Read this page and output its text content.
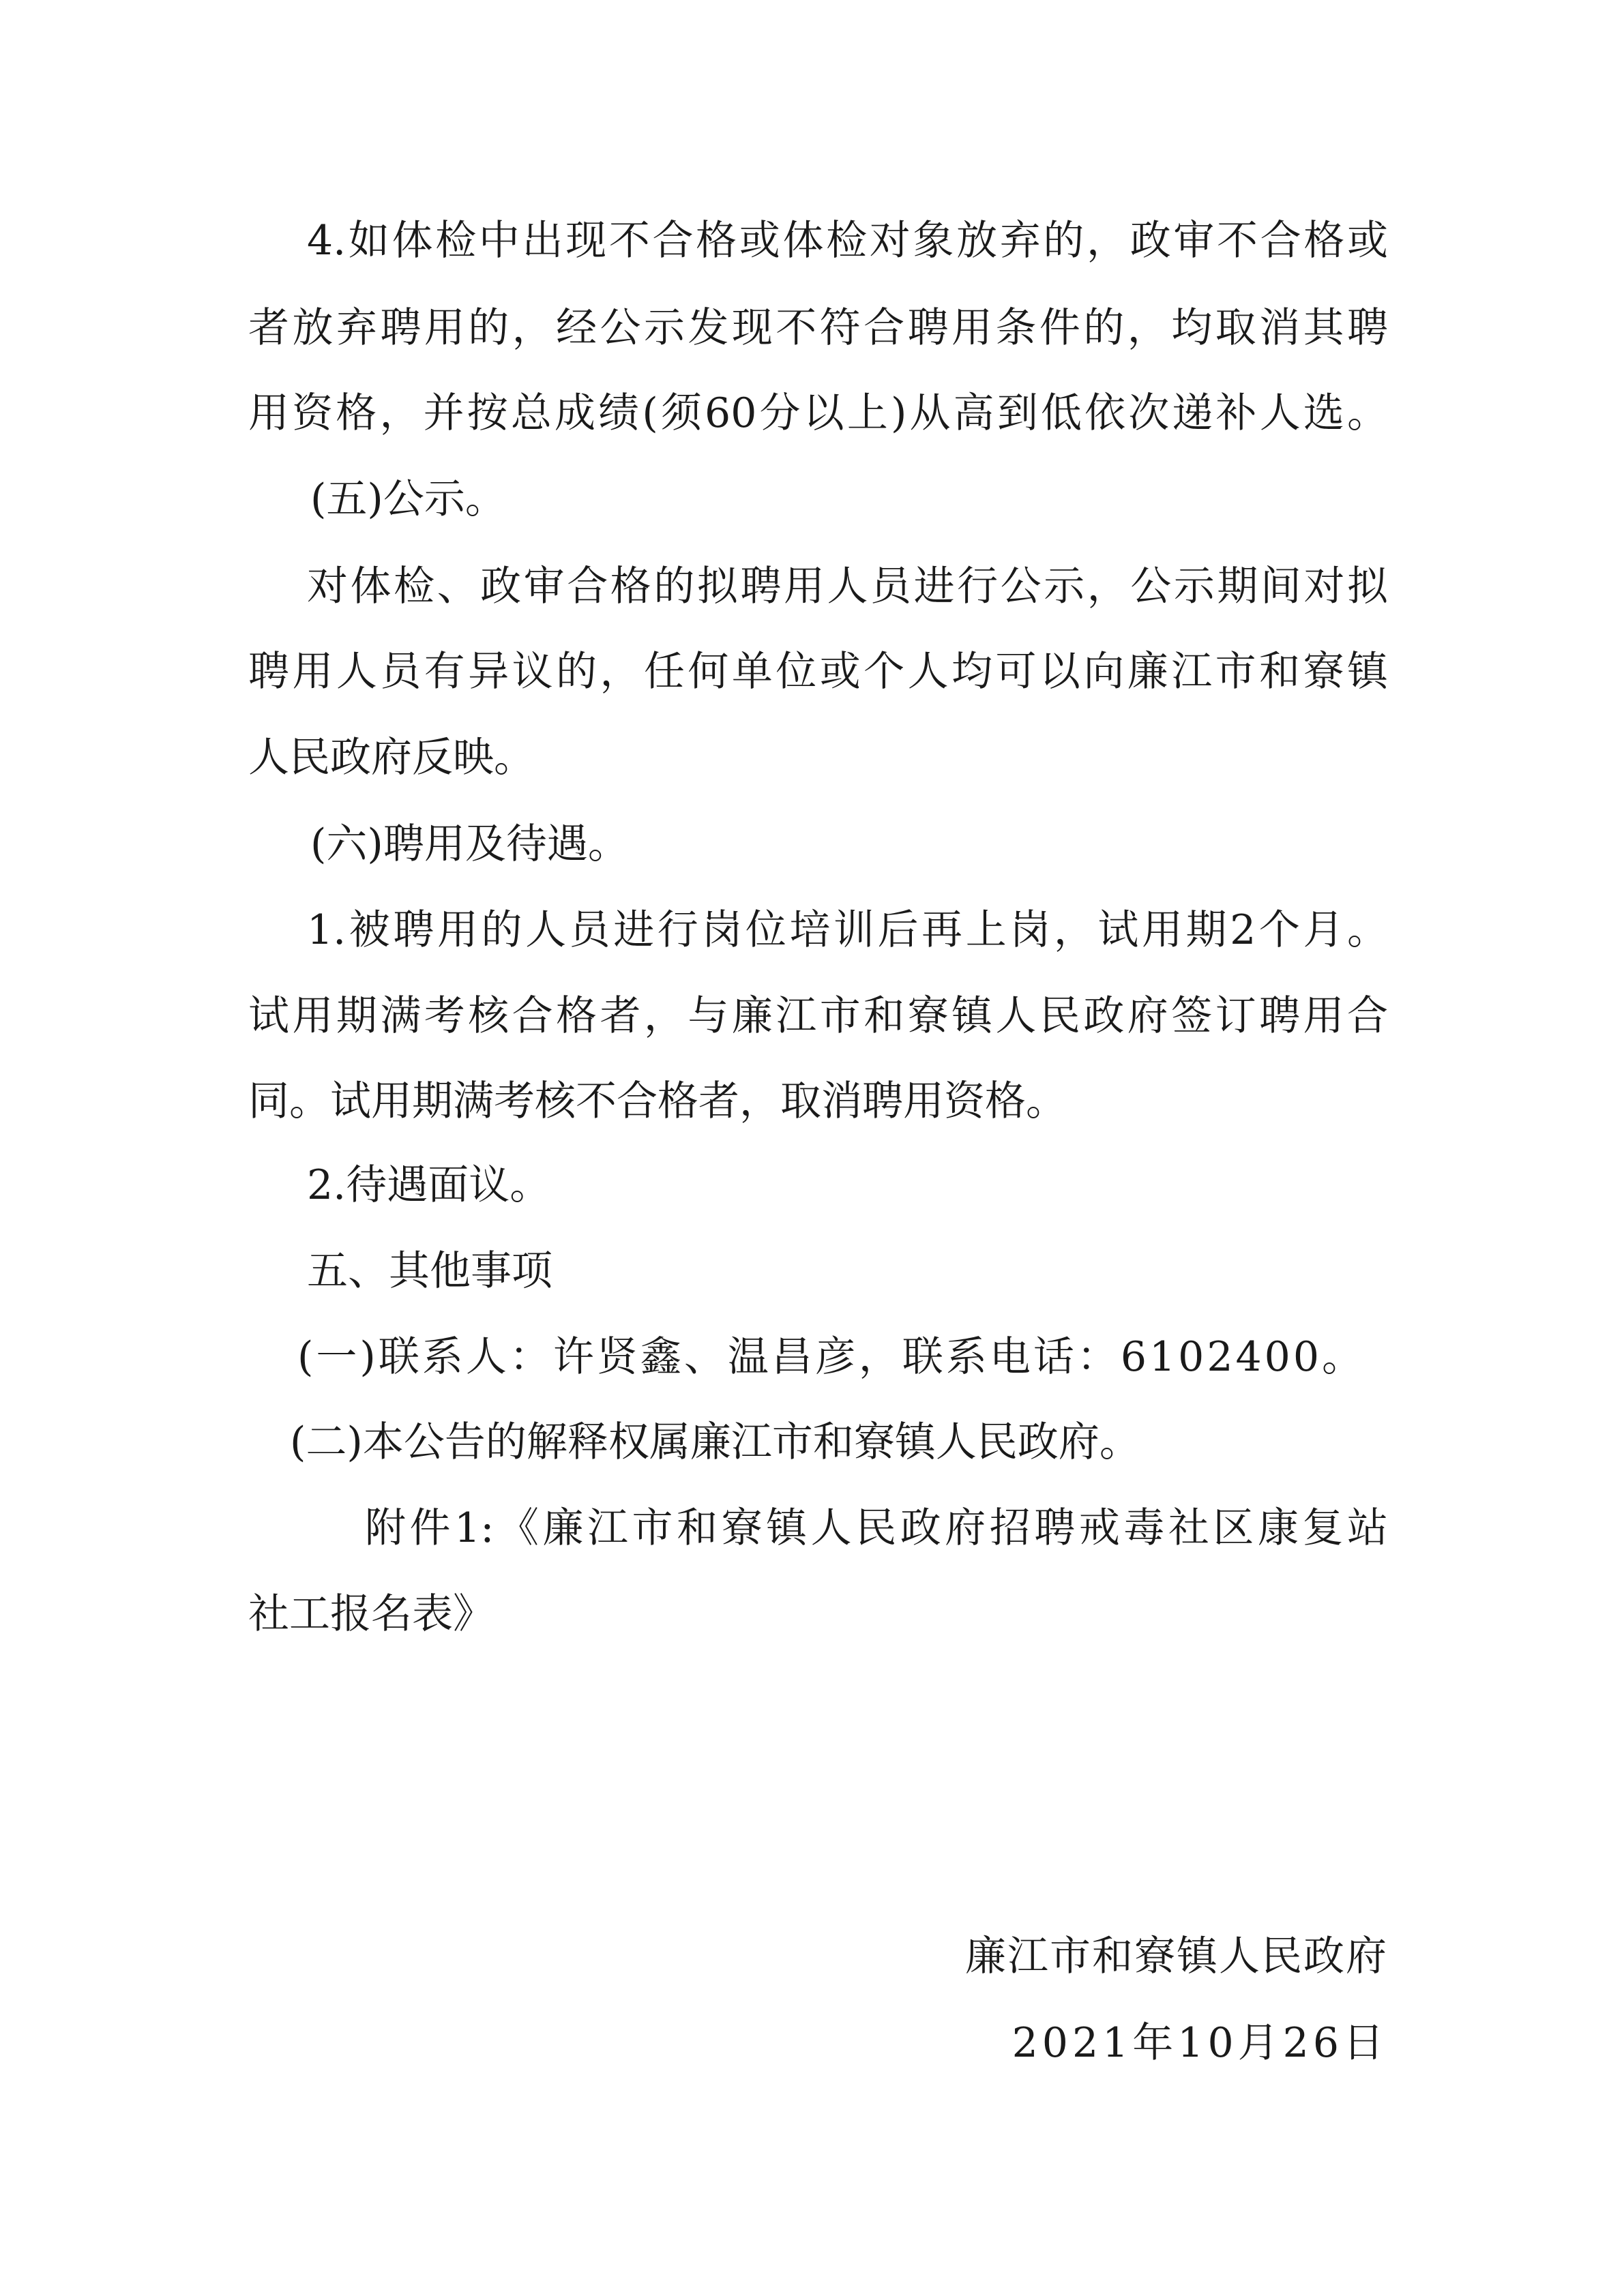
4.如体检中出现不合格或体检对象放弃的，政审不合格或
者放弃聘用的，经公示发现不符合聘用条件的，均取消其聘
用资格，并按总成绩(须60分以上)从高到低依次递补人选。
(五)公示。
对体检、政审合格的拟聘用人员进行公示，公示期间对拟
聘用人员有异议的，任何单位或个人均可以向廉江市和寮镇
人民政府反映。
(六)聘用及待遇。
1.被聘用的人员进行岗位培训后再上岗，试用期2个月。
试用期满考核合格者，与廉江市和寮镇人民政府签订聘用合
同。试用期满考核不合格者，取消聘用资格。
2.待遇面议。
五、其他事项
(一)联系人：许贤鑫、温昌彦，联系电话：6102400。
(二)本公告的解释权属廉江市和寮镇人民政府。
附件1:《廉江市和寮镇人民政府招聘戒毒社区康复站
社工报名表》
廉江市和寮镇人民政府
2021年10月26日
